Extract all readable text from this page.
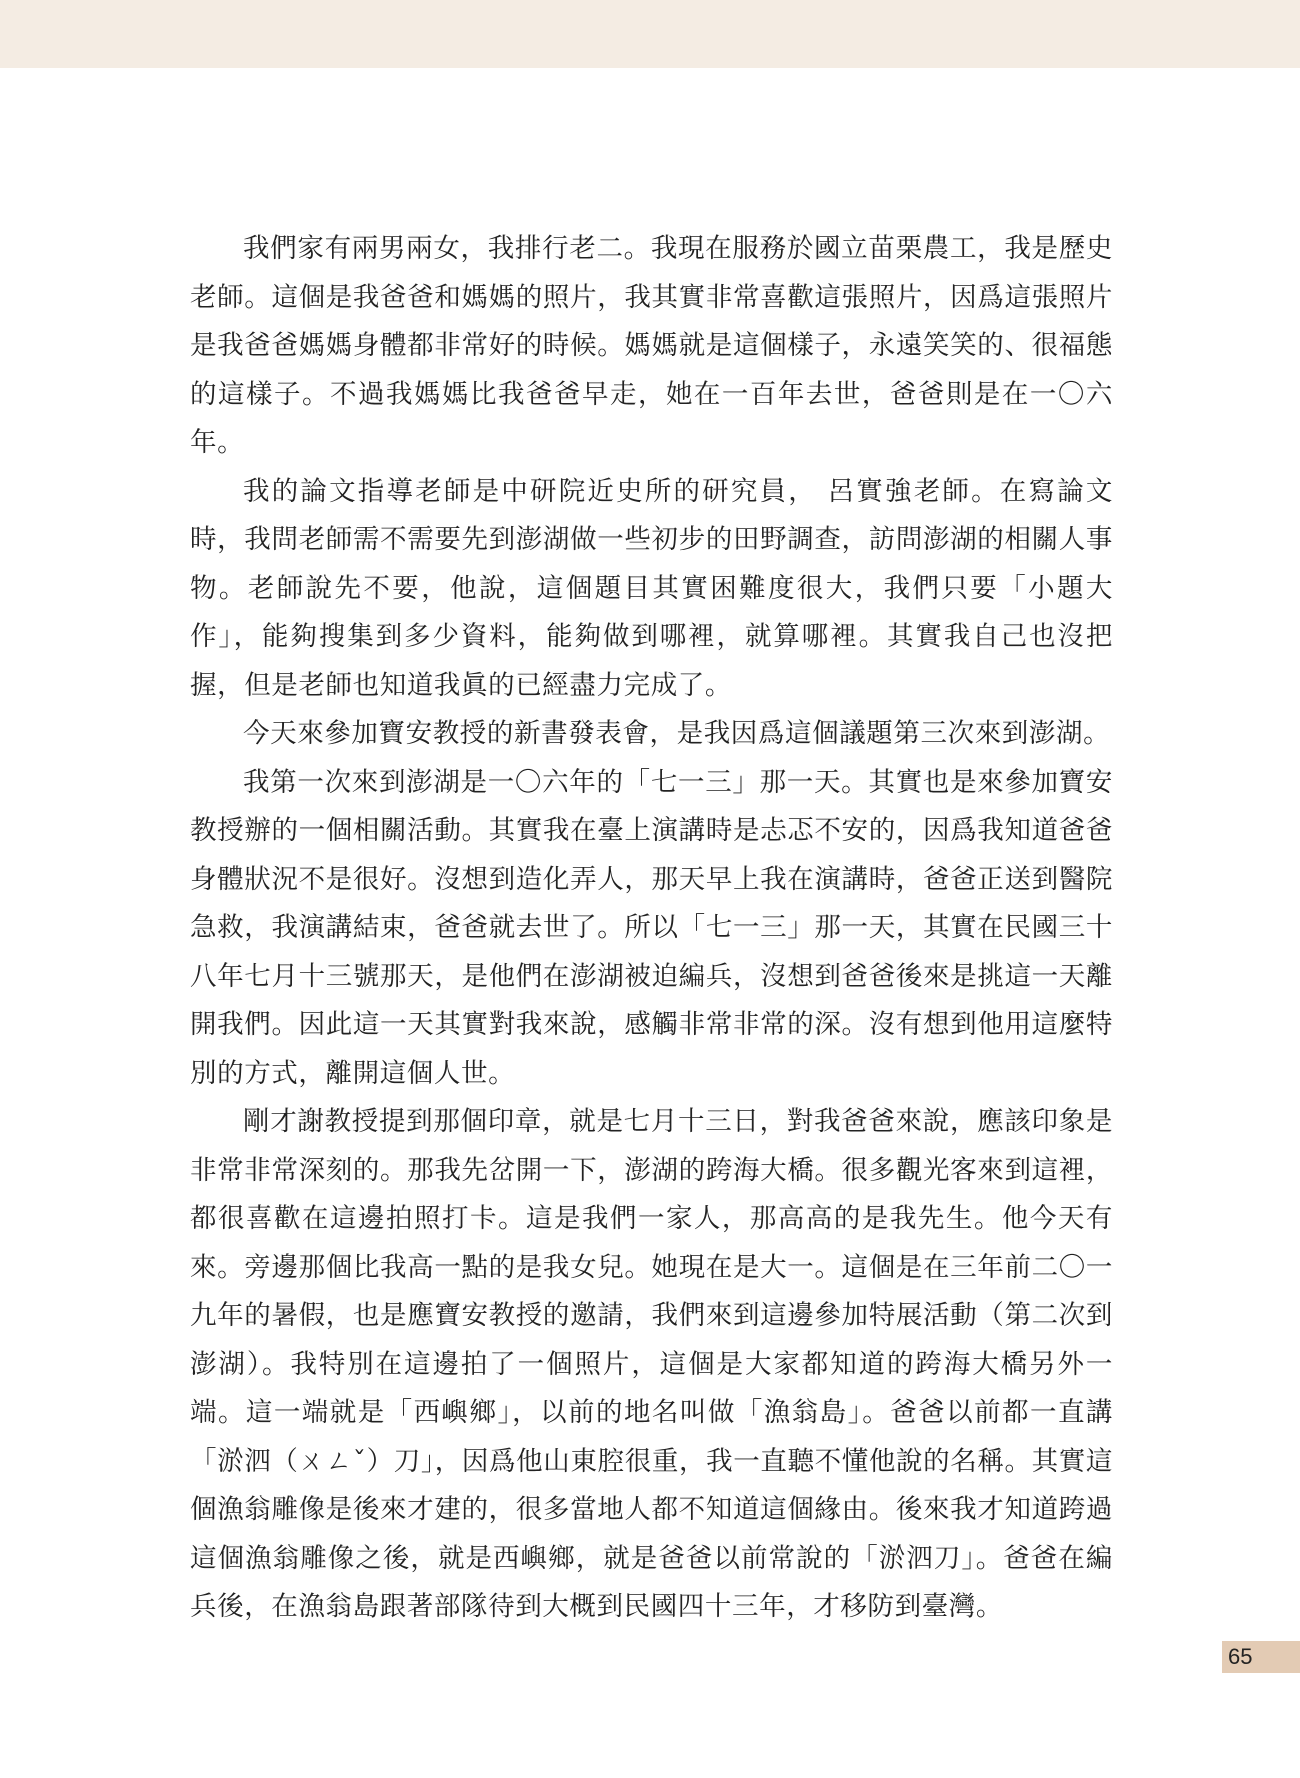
我們家有兩男兩女，我排行老二。我現在服務於國立苗栗農工，我是歷史老師。這個是我爸爸和媽媽的照片，我其實非常喜歡這張照片，因爲這張照片是我爸爸媽媽身體都非常好的時候。媽媽就是這個樣子，永遠笑笑的、很福態的這樣子。不過我媽媽比我爸爸早走，她在一百年去世，爸爸則是在一〇六年。

我的論文指導老師是中研院近史所的研究員， 呂實強老師。在寫論文時，我問老師需不需要先到澎湖做一些初步的田野調查，訪問澎湖的相關人事物。老師說先不要，他說，這個題目其實困難度很大，我們只要「小題大作」，能夠搜集到多少資料，能夠做到哪裡，就算哪裡。其實我自己也沒把握，但是老師也知道我眞的已經盡力完成了。

今天來參加寶安教授的新書發表會，是我因爲這個議題第三次來到澎湖。

我第一次來到澎湖是一〇六年的「七一三」那一天。其實也是來參加寶安教授辦的一個相關活動。其實我在臺上演講時是忐忑不安的，因爲我知道爸爸身體狀況不是很好。沒想到造化弄人，那天早上我在演講時，爸爸正送到醫院急救，我演講結束，爸爸就去世了。所以「七一三」那一天，其實在民國三十八年七月十三號那天，是他們在澎湖被迫編兵，沒想到爸爸後來是挑這一天離開我們。因此這一天其實對我來說，感觸非常非常的深。沒有想到他用這麼特別的方式，離開這個人世。

剛才謝教授提到那個印章，就是七月十三日，對我爸爸來說，應該印象是非常非常深刻的。那我先岔開一下，澎湖的跨海大橋。很多觀光客來到這裡，都很喜歡在這邊拍照打卡。這是我們一家人，那高高的是我先生。他今天有來。旁邊那個比我高一點的是我女兒。她現在是大一。這個是在三年前二〇一九年的暑假，也是應寶安教授的邀請，我們來到這邊參加特展活動（第二次到澎湖）。我特別在這邊拍了一個照片，這個是大家都知道的跨海大橋另外一端。這一端就是「西嶼鄉」，以前的地名叫做「漁翁島」。爸爸以前都一直講「淤泗（ㄨㄥˇ）刀」，因爲他山東腔很重，我一直聽不懂他說的名稱。其實這個漁翁雕像是後來才建的，很多當地人都不知道這個緣由。後來我才知道跨過這個漁翁雕像之後，就是西嶼鄉，就是爸爸以前常說的「淤泗刀」。爸爸在編兵後，在漁翁島跟著部隊待到大概到民國四十三年，才移防到臺灣。

65
